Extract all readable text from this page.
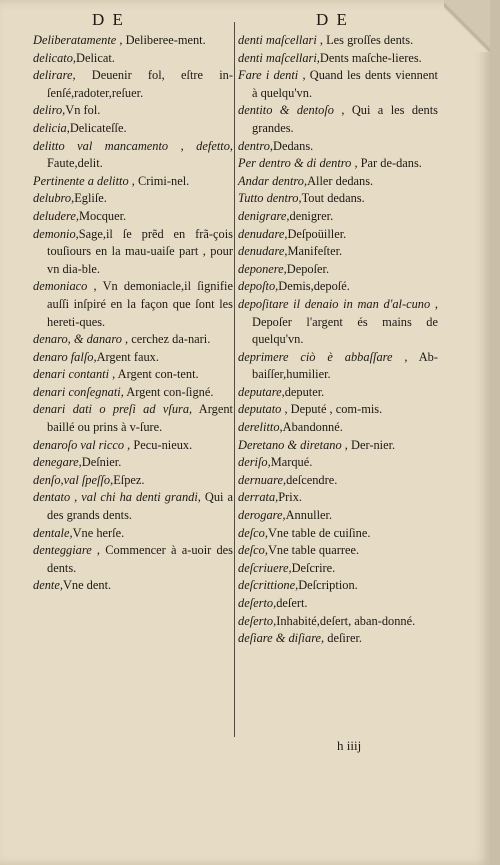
D E	D E

Deliberatamente , Deliberee-ment.

delicato,Delicat.

delirare, Deuenir fol, eſtre in-ſenſé,radoter,reſuer.

deliro,Vn fol.

delicia,Delicateſſe.

delitto val mancamento , defetto, Faute,delit.

Pertinente a delitto , Crimi-nel.

delubro,Egliſe.

deludere,Mocquer.

demonio,Sage,il ſe prẽd en frã-çois touſiours en la mau-uaiſe part , pour vn dia-ble.

demoniaco , Vn demoniacle,il ſignifie auſſi inſpiré en la façon que ſont les hereti-ques.

denaro, & danaro , cerchez da-nari.

denaro falſo,Argent faux.

denari contanti , Argent con-tent.

denari conſegnati, Argent con-ſigné.

denari dati o preſi ad vſura, Argent baillé ou prins à v-ſure.

denaroſo val ricco , Pecu-nieux.

denegare,Deſnier.

denſo,val ſpeſſo,Eſpez.

dentato , val chi ha denti grandi, Qui a des grands dents.

dentale,Vne herſe.

denteggiare , Commencer à a-uoir des dents.

dente,Vne dent.

denti maſcellari , Les groſſes dents.

denti maſcellari,Dents maſche-lieres.

Fare i denti , Quand les dents viennent à quelqu'vn.

dentito & dentoſo , Qui a les dents grandes.

dentro,Dedans.

Per dentro & di dentro , Par de-dans.

Andar dentro,Aller dedans.

Tutto dentro,Tout dedans.

denigrare,denigrer.

denudare,Deſpoüiller.

denudare,Manifeſter.

deponere,Depoſer.

depoſto,Demis,depoſé.

depoſitare il denaio in man d'al-cuno , Depoſer l'argent és mains de quelqu'vn.

deprimere ciò è abbaſſare , Ab-baiſſer,humilier.

deputare,deputer.

deputato , Deputé , com-mis.

derelitto,Abandonné.

Deretano & diretano , Der-nier.

deriſo,Marqué.

dernuare,deſcendre.

derrata,Prix.

derogare,Annuller.

deſco,Vne table de cuiſine.

deſco,Vne table quarree.

deſcriuere,Deſcrire.

deſcrittione,Deſcription.

deſerto,deſert.

deſerto,Inhabité,deſert, aban-donné.

deſiare & diſiare, deſirer.

h iiij
